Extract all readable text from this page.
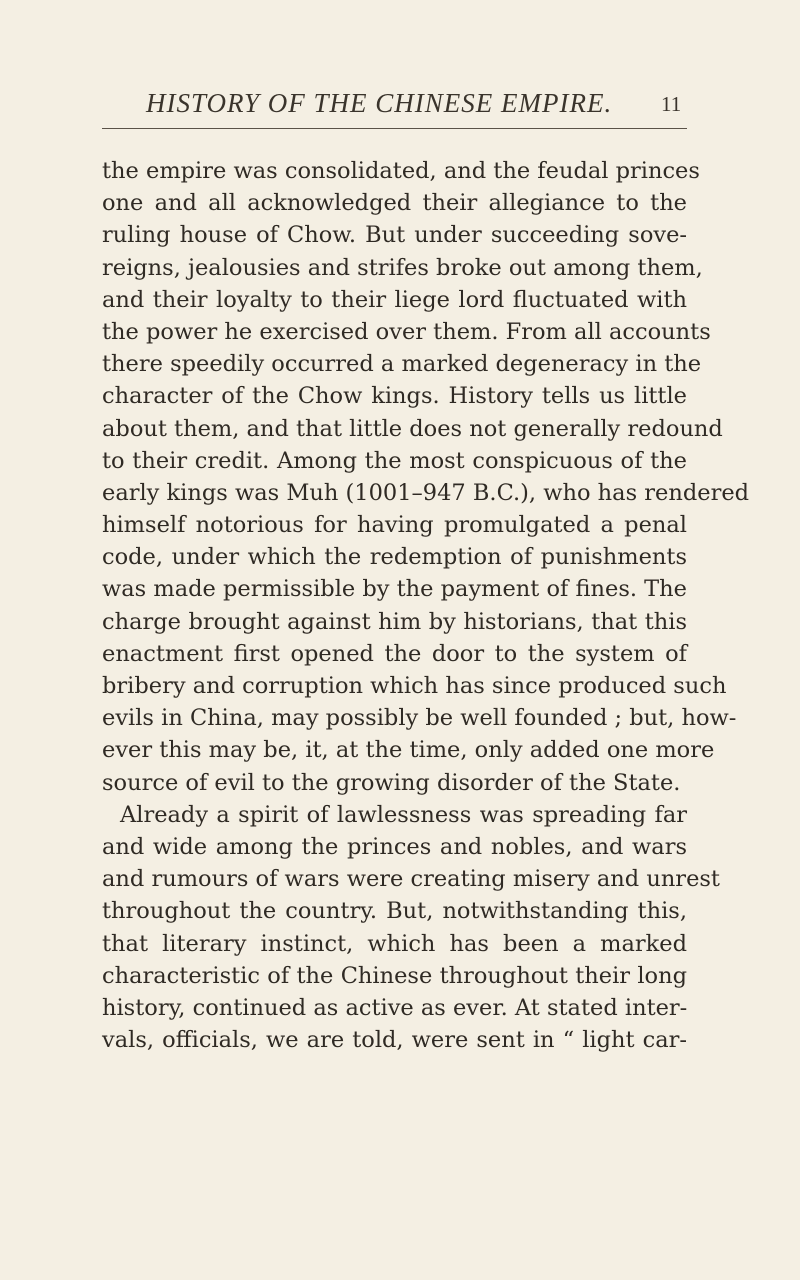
HISTORY OF THE CHINESE EMPIRE. 11
the empire was consolidated, and the feudal princes
one and all acknowledged their allegiance to the
ruling house of Chow. But under succeeding sove-
reigns, jealousies and strifes broke out among them,
and their loyalty to their liege lord fluctuated with
the power he exercised over them. From all accounts
there speedily occurred a marked degeneracy in the
character of the Chow kings. History tells us little
about them, and that little does not generally redound
to their credit. Among the most conspicuous of the
early kings was Muh (1001–947 B.C.), who has rendered
himself notorious for having promulgated a penal
code, under which the redemption of punishments
was made permissible by the payment of fines. The
charge brought against him by historians, that this
enactment first opened the door to the system of
bribery and corruption which has since produced such
evils in China, may possibly be well founded ; but, how-
ever this may be, it, at the time, only added one more
source of evil to the growing disorder of the State.
Already a spirit of lawlessness was spreading far
and wide among the princes and nobles, and wars
and rumours of wars were creating misery and unrest
throughout the country. But, notwithstanding this,
that literary instinct, which has been a marked
characteristic of the Chinese throughout their long
history, continued as active as ever. At stated inter-
vals, officials, we are told, were sent in “ light car-
